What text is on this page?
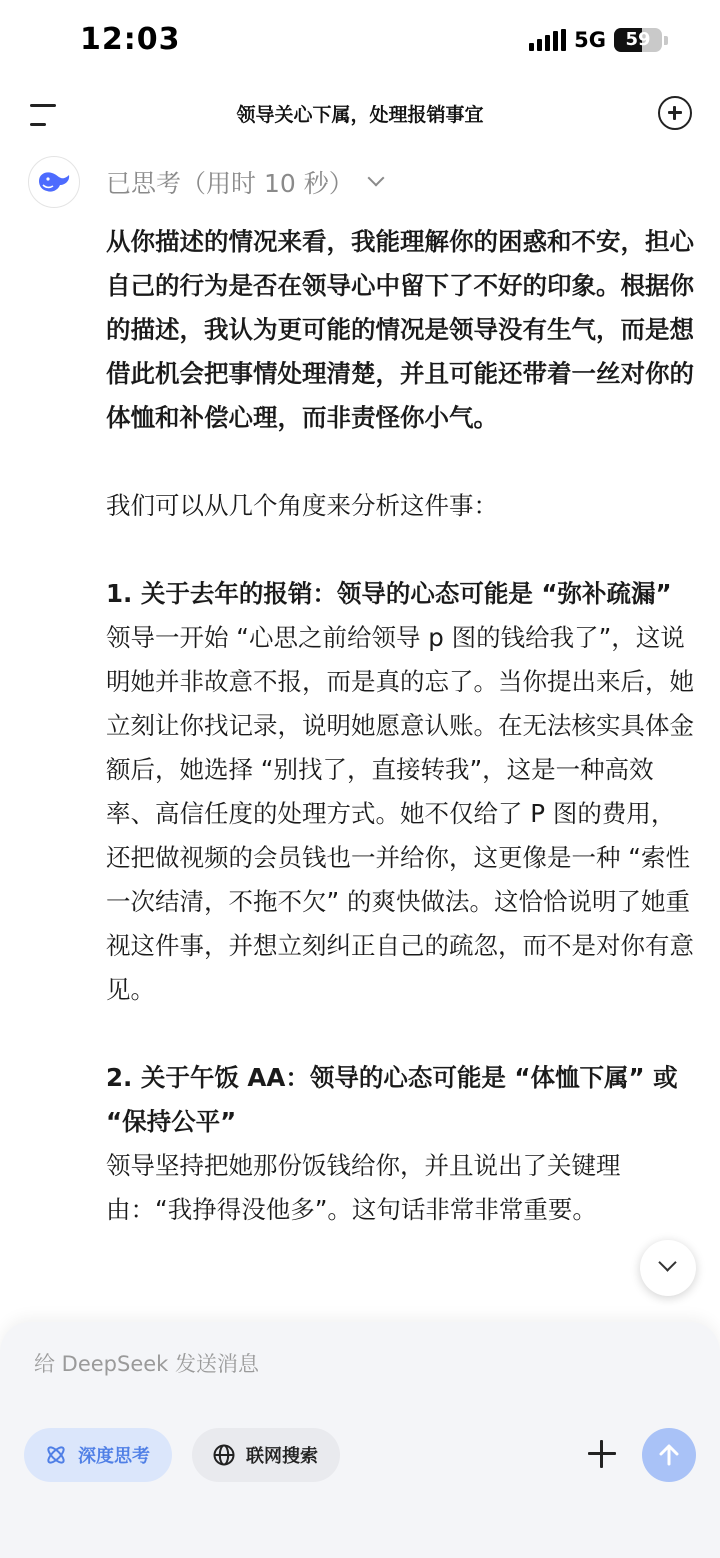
12:03	5G	59
领导关心下属，处理报销事宜
已思考（用时 10 秒）

从你描述的情况来看，我能理解你的困惑和不安，担心自己的行为是否在领导心中留下了不好的印象。根据你的描述，我认为更可能的情况是领导没有生气，而是想借此机会把事情处理清楚，并且可能还带着一丝对你的体恤和补偿心理，而非责怪你小气。

我们可以从几个角度来分析这件事：

1. 关于去年的报销：领导的心态可能是 “弥补疏漏”
领导一开始 “心思之前给领导 p 图的钱给我了”，这说明她并非故意不报，而是真的忘了。当你提出来后，她立刻让你找记录，说明她愿意认账。在无法核实具体金额后，她选择 “别找了，直接转我”，这是一种高效率、高信任度的处理方式。她不仅给了 P 图的费用，还把做视频的会员钱也一并给你，这更像是一种 “索性一次结清，不拖不欠” 的爽快做法。这恰恰说明了她重视这件事，并想立刻纠正自己的疏忽，而不是对你有意见。
2. 关于午饭 AA：领导的心态可能是 “体恤下属” 或 “保持公平”
领导坚持把她那份饭钱给你，并且说出了关键理由：“我挣得没他多”。这句话非常非常重要。
给 DeepSeek 发送消息
深度思考	联网搜索
